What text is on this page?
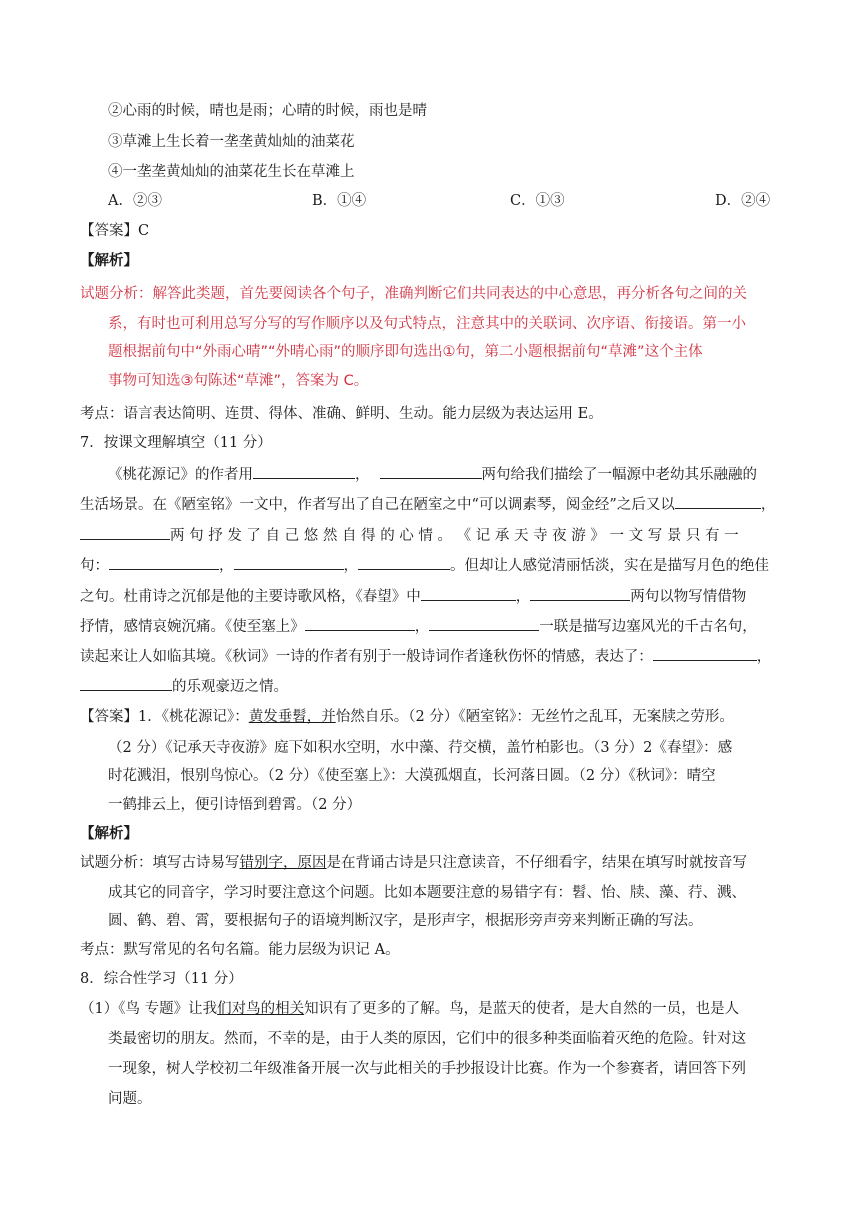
②心雨的时候，晴也是雨；心晴的时候，雨也是晴
③草滩上生长着一垄垄黄灿灿的油菜花
④一垄垄黄灿灿的油菜花生长在草滩上
A．②③	B．①④	C．①③	D．②④
【答案】C
【解析】
试题分析：解答此类题，首先要阅读各个句子，准确判断它们共同表达的中心意思，再分析各句之间的关
系，有时也可利用总写分写的写作顺序以及句式特点，注意其中的关联词、次序语、衔接语。第一小
题根据前句中“外雨心晴”“外晴心雨”的顺序即句选出①句，第二小题根据前句“草滩”这个主体
事物可知选③句陈述“草滩”，答案为 C。
考点：语言表达简明、连贯、得体、准确、鲜明、生动。能力层级为表达运用 E。
7．按课文理解填空（11 分）
《桃花源记》的作者用	，	两句给我们描绘了一幅源中老幼其乐融融的
生活场景。在《陋室铭》一文中，作者写出了自己在陋室之中“可以调素琴，阅金经”之后又以	，
两 句 抒 发 了 自 己 悠 然 自 得 的 心 情 。 《 记 承 天 寺 夜 游 》 一 文 写 景 只 有 一
句：	，	，	。但却让人感觉清丽恬淡，实在是描写月色的绝佳
之句。杜甫诗之沉郁是他的主要诗歌风格，《春望》中	，	两句以物写情借物
抒情，感情哀婉沉痛。《使至塞上》	，	一联是描写边塞风光的千古名句，
读起来让人如临其境。《秋词》一诗的作者有别于一般诗词作者逢秋伤怀的情感，表达了：	，
的乐观豪迈之情。
【答案】1．《桃花源记》：黄发垂髫，并怡然自乐。（2 分）《陋室铭》：无丝竹之乱耳，无案牍之劳形。
（2 分）《记承天寺夜游》庭下如积水空明，水中藻、荇交横，盖竹柏影也。（3 分）2《春望》：感
时花溅泪，恨别鸟惊心。（2 分）《使至塞上》：大漠孤烟直，长河落日圆。（2 分）《秋词》：晴空
一鹤排云上，便引诗悟到碧霄。（2 分）
【解析】
试题分析：填写古诗易写错别字，原因是在背诵古诗是只注意读音，不仔细看字，结果在填写时就按音写
成其它的同音字，学习时要注意这个问题。比如本题要注意的易错字有：髫、怡、牍、藻、荇、溅、
圆、鹤、碧、霄，要根据句子的语境判断汉字，是形声字，根据形旁声旁来判断正确的写法。
考点：默写常见的名句名篇。能力层级为识记 A。
8．综合性学习（11 分）
（1）《鸟 专题》让我们对鸟的相关知识有了更多的了解。鸟，是蓝天的使者，是大自然的一员，也是人
类最密切的朋友。然而，不幸的是，由于人类的原因，它们中的很多种类面临着灭绝的危险。针对这
一现象，树人学校初二年级准备开展一次与此相关的手抄报设计比赛。作为一个参赛者，请回答下列
问题。
